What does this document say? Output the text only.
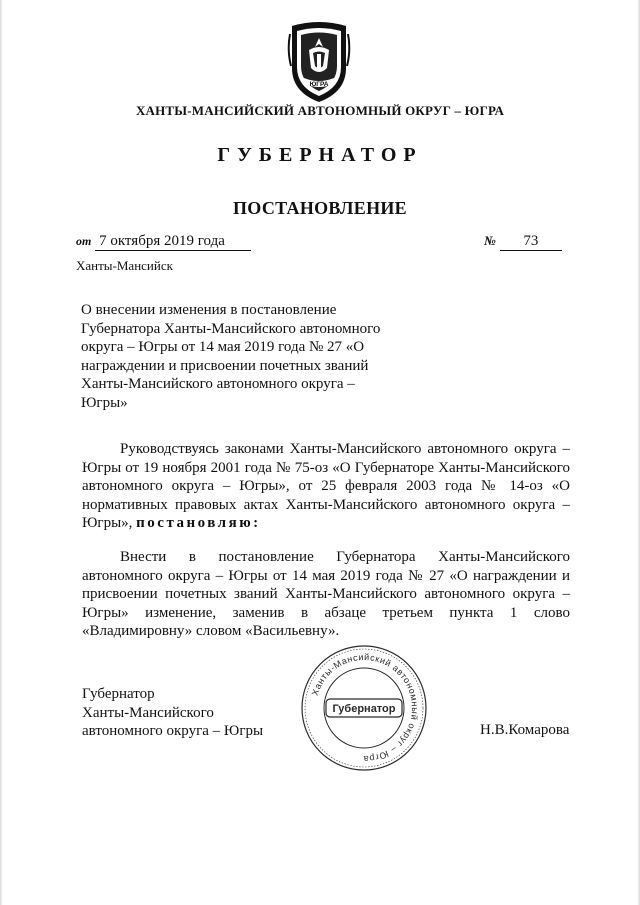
ЮГРА
ХАНТЫ-МАНСИЙСКИЙ АВТОНОМНЫЙ ОКРУГ – ЮГРА
ГУБЕРНАТОР
ПОСТАНОВЛЕНИЕ
от 7 октября 2019 года	№ 73
Ханты-Мансийск
О внесении изменения в постановление Губернатора Ханты-Мансийского автономного округа – Югры от 14 мая 2019 года № 27 «О награждении и присвоении почетных званий Ханты-Мансийского автономного округа – Югры»
Руководствуясь законами Ханты-Мансийского автономного округа – Югры от 19 ноября 2001 года № 75-оз «О Губернаторе Ханты-Мансийского автономного округа – Югры», от 25 февраля 2003 года № 14-оз «О нормативных правовых актах Ханты-Мансийского автономного округа – Югры», постановляю:
Внести в постановление Губернатора Ханты-Мансийского автономного округа – Югры от 14 мая 2019 года № 27 «О награждении и присвоении почетных званий Ханты-Мансийского автономного округа – Югры» изменение, заменив в абзаце третьем пункта 1 слово «Владимировну» словом «Васильевну».
Губернатор
Ханты-Мансийского
автономного округа – Югры
Ханты-Мансийский автономный округ – Югра
Губернатор
Н.В.Комарова
